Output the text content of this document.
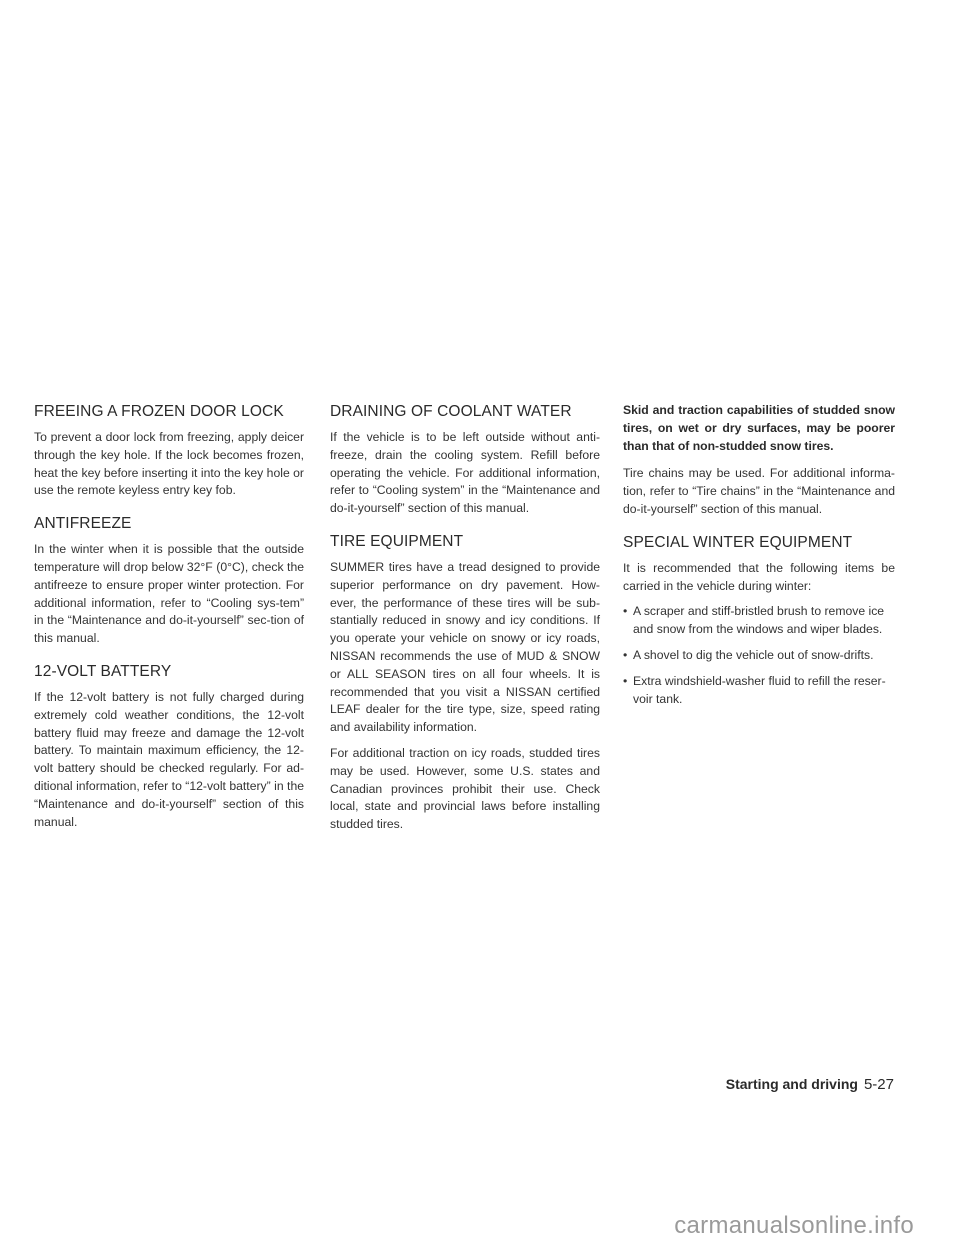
FREEING A FROZEN DOOR LOCK

To prevent a door lock from freezing, apply deicer through the key hole. If the lock becomes frozen, heat the key before inserting it into the key hole or use the remote keyless entry key fob.

ANTIFREEZE

In the winter when it is possible that the outside temperature will drop below 32°F (0°C), check the antifreeze to ensure proper winter protection. For additional information, refer to “Cooling sys-tem” in the “Maintenance and do-it-yourself” sec-tion of this manual.

12-VOLT BATTERY

If the 12-volt battery is not fully charged during extremely cold weather conditions, the 12-volt battery fluid may freeze and damage the 12-volt battery. To maintain maximum efficiency, the 12-volt battery should be checked regularly. For ad-ditional information, refer to “12-volt battery” in the “Maintenance and do-it-yourself” section of this manual.

DRAINING OF COOLANT WATER

If the vehicle is to be left outside without anti-freeze, drain the cooling system. Refill before operating the vehicle. For additional information, refer to “Cooling system” in the “Maintenance and do-it-yourself” section of this manual.

TIRE EQUIPMENT

SUMMER tires have a tread designed to provide superior performance on dry pavement. How-ever, the performance of these tires will be sub-stantially reduced in snowy and icy conditions. If you operate your vehicle on snowy or icy roads, NISSAN recommends the use of MUD & SNOW or ALL SEASON tires on all four wheels. It is recommended that you visit a NISSAN certified LEAF dealer for the tire type, size, speed rating and availability information.

For additional traction on icy roads, studded tires may be used. However, some U.S. states and Canadian provinces prohibit their use. Check local, state and provincial laws before installing studded tires.

Skid and traction capabilities of studded snow tires, on wet or dry surfaces, may be poorer than that of non-studded snow tires.

Tire chains may be used. For additional informa-tion, refer to “Tire chains” in the “Maintenance and do-it-yourself” section of this manual.

SPECIAL WINTER EQUIPMENT

It is recommended that the following items be carried in the vehicle during winter:

• A scraper and stiff-bristled brush to remove ice and snow from the windows and wiper blades.
• A shovel to dig the vehicle out of snow-drifts.
• Extra windshield-washer fluid to refill the reser-voir tank.
Starting and driving 5-27
carmanualsonline.info
